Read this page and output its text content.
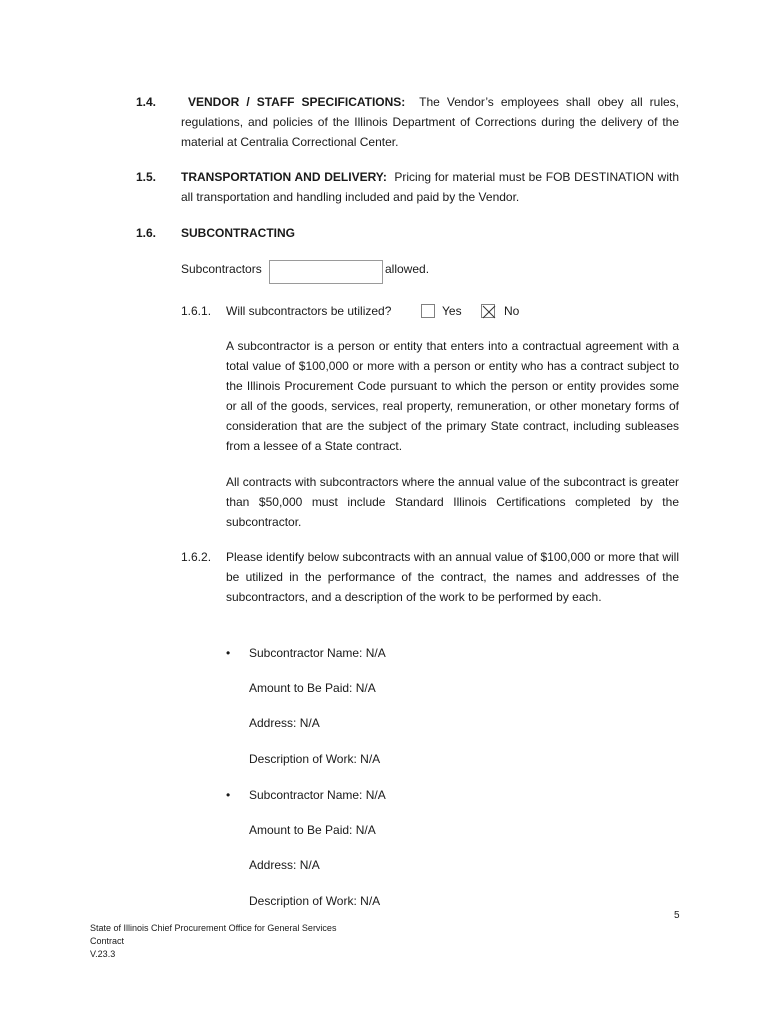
1.4.	VENDOR / STAFF SPECIFICATIONS: The Vendor’s employees shall obey all rules, regulations, and policies of the Illinois Department of Corrections during the delivery of the material at Centralia Correctional Center.
1.5. TRANSPORTATION AND DELIVERY: Pricing for material must be FOB DESTINATION with all transportation and handling included and paid by the Vendor.
1.6. SUBCONTRACTING
Subcontractors	allowed.
1.6.1. Will subcontractors be utilized?	Yes	No
A subcontractor is a person or entity that enters into a contractual agreement with a total value of $100,000 or more with a person or entity who has a contract subject to the Illinois Procurement Code pursuant to which the person or entity provides some or all of the goods, services, real property, remuneration, or other monetary forms of consideration that are the subject of the primary State contract, including subleases from a lessee of a State contract.
All contracts with subcontractors where the annual value of the subcontract is greater than $50,000 must include Standard Illinois Certifications completed by the subcontractor.
1.6.2. Please identify below subcontracts with an annual value of $100,000 or more that will be utilized in the performance of the contract, the names and addresses of the subcontractors, and a description of the work to be performed by each.
• Subcontractor Name: N/A
Amount to Be Paid: N/A
Address: N/A
Description of Work: N/A
• Subcontractor Name: N/A
Amount to Be Paid: N/A
Address: N/A
Description of Work: N/A
5
State of Illinois Chief Procurement Office for General Services
Contract
V.23.3
